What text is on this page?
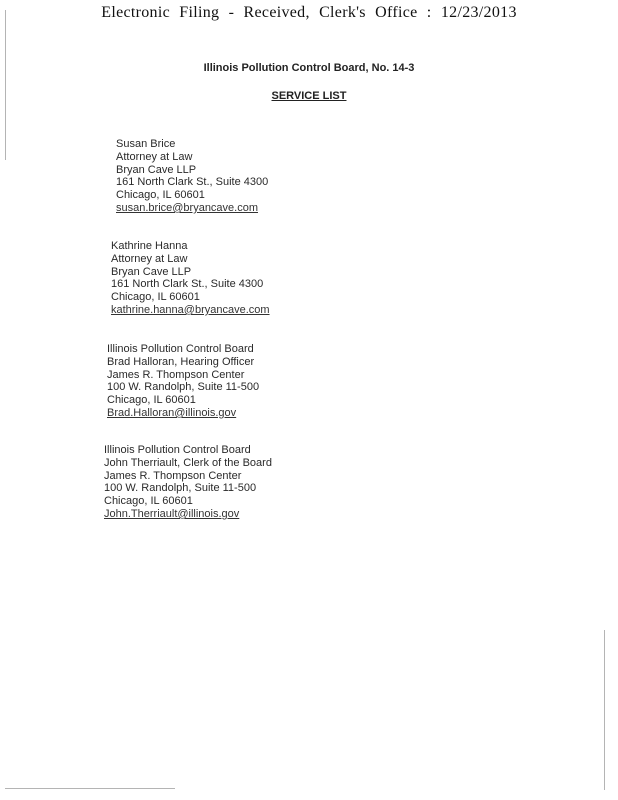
Electronic Filing - Received, Clerk's Office : 12/23/2013
Illinois Pollution Control Board, No. 14-3
SERVICE LIST
Susan Brice
Attorney at Law
Bryan Cave LLP
161 North Clark St., Suite 4300
Chicago, IL 60601
susan.brice@bryancave.com
Kathrine Hanna
Attorney at Law
Bryan Cave LLP
161 North Clark St., Suite 4300
Chicago, IL 60601
kathrine.hanna@bryancave.com
Illinois Pollution Control Board
Brad Halloran, Hearing Officer
James R. Thompson Center
100 W. Randolph, Suite 11-500
Chicago, IL 60601
Brad.Halloran@illinois.gov
Illinois Pollution Control Board
John Therriault, Clerk of the Board
James R. Thompson Center
100 W. Randolph, Suite 11-500
Chicago, IL 60601
John.Therriault@illinois.gov
